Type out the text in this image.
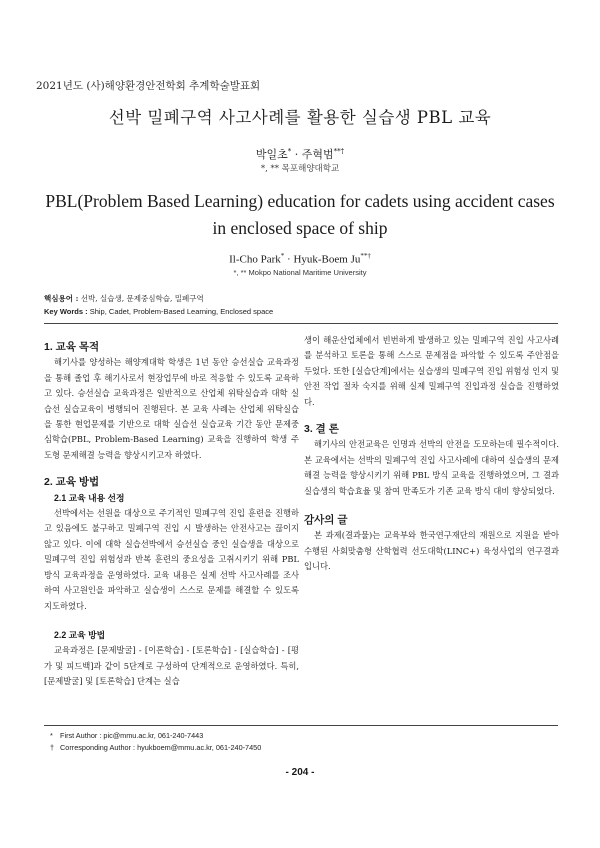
2021년도 (사)해양환경안전학회 추계학술발표회
선박 밀폐구역 사고사례를 활용한 실습생 PBL 교육
박일초* · 주혁범**†
*, ** 목포해양대학교
PBL(Problem Based Learning) education for cadets using accident cases in enclosed space of ship
Il-Cho Park* · Hyuk-Boem Ju**†
*, ** Mokpo National Maritime University
핵심용어 : 선박, 실습생, 문제중심학습, 밀폐구역
Key Words : Ship, Cadet, Problem-Based Learning, Enclosed space
1. 교육 목적

해기사를 양성하는 해양계대학 학생은 1년 동안 승선실습 교육과정을 통해 졸업 후 해기사로서 현장업무에 바로 적응할 수 있도록 교육하고 있다. 승선실습 교육과정은 일반적으로 산업체 위탁실습과 대학 실습선 실습교육이 병행되어 진행된다. 본 교육 사례는 산업체 위탁실습을 통한 현업문제를 기반으로 대학 실습선 실습교육 기간 동안 문제중심학습(PBL, Problem-Based Learning) 교육을 진행하여 학생 주도형 문제해결 능력을 향상시키고자 하였다.

2. 교육 방법
2.1 교육 내용 선정

선박에서는 선원을 대상으로 주기적인 밀폐구역 진입 훈련을 진행하고 있음에도 불구하고 밀폐구역 진입 시 발생하는 안전사고는 끊이지 않고 있다. 이에 대학 실습선박에서 승선실습 중인 실습생을 대상으로 밀폐구역 진입 위험성과 반복 훈련의 중요성을 고취시키기 위해 PBL 방식 교육과정을 운영하였다. 교육 내용은 실제 선박 사고사례를 조사하여 사고원인을 파악하고 실습생이 스스로 문제를 해결할 수 있도록 지도하였다.

2.2 교육 방법

교육과정은 [문제발굴] - [이론학습] - [토론학습] - [실습학습] - [평가 및 피드백]과 같이 5단계로 구성하여 단계적으로 운영하였다. 특히, [문제발굴] 및 [토론학습] 단계는 실습

생이 해운산업체에서 빈번하게 발생하고 있는 밀폐구역 진입 사고사례를 분석하고 토론을 통해 스스로 문제점을 파악할 수 있도록 주안점을 두었다. 또한 [실습단계]에서는 실습생의 밀폐구역 진입 위험성 인지 및 안전 작업 절차 숙지를 위해 실제 밀폐구역 진입과정 실습을 진행하였다.

3. 결 론

해기사의 안전교육은 인명과 선박의 안전을 도모하는데 필수적이다. 본 교육에서는 선박의 밀폐구역 진입 사고사례에 대하여 실습생의 문제해결 능력을 향상시키기 위해 PBL 방식 교육을 진행하였으며, 그 결과 실습생의 학습효율 및 참여 만족도가 기존 교육 방식 대비 향상되었다.

감사의 글

본 과제(결과물)는 교육부와 한국연구재단의 재원으로 지원을 받아 수행된 사회맞춤형 산학협력 선도대학(LINC+) 육성사업의 연구결과입니다.

* First Author : pic@mmu.ac.kr, 061-240-7443
† Corresponding Author : hyukboem@mmu.ac.kr, 061-240-7450
- 204 -
